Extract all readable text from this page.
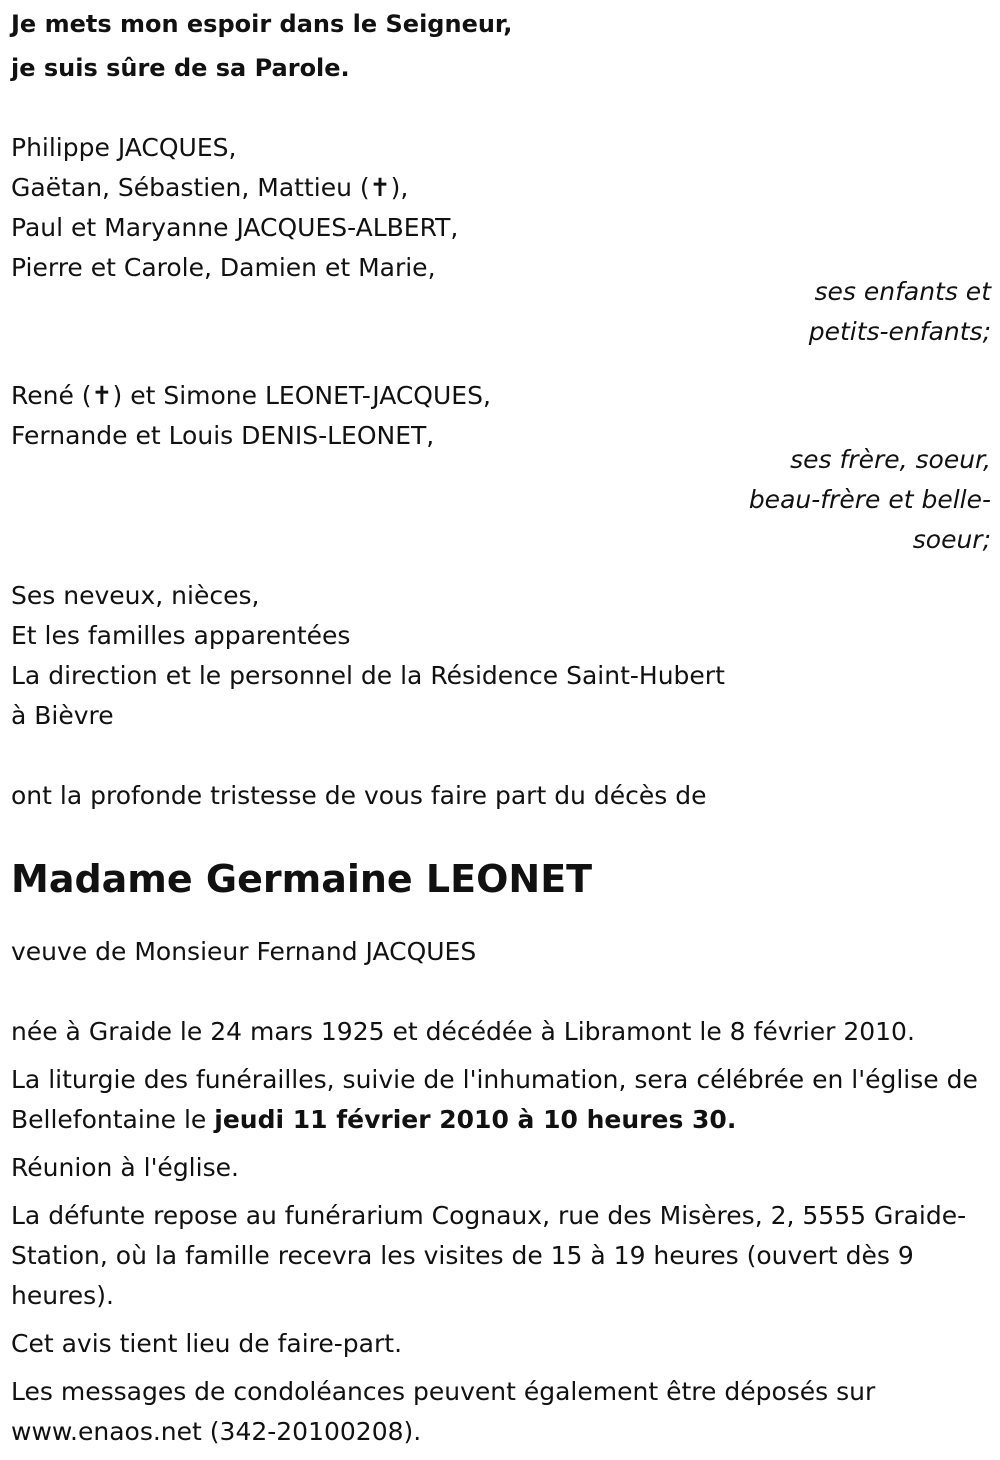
Je mets mon espoir dans le Seigneur,
je suis sûre de sa Parole.
Philippe JACQUES,
Gaëtan, Sébastien, Mattieu (✝),
Paul et Maryanne JACQUES-ALBERT,
Pierre et Carole, Damien et Marie,
ses enfants et
petits-enfants;
René (✝) et Simone LEONET-JACQUES,
Fernande et Louis DENIS-LEONET,
ses frère, soeur,
beau-frère et belle-
soeur;
Ses neveux, nièces,
Et les familles apparentées
La direction et le personnel de la Résidence Saint-Hubert
à Bièvre
ont la profonde tristesse de vous faire part du décès de
Madame Germaine LEONET
veuve de Monsieur Fernand JACQUES

née à Graide le 24 mars 1925 et décédée à Libramont le 8 février 2010.

La liturgie des funérailles, suivie de l'inhumation, sera célébrée en l'église de Bellefontaine le jeudi 11 février 2010 à 10 heures 30.

Réunion à l'église.

La défunte repose au funérarium Cognaux, rue des Misères, 2, 5555 Graide-Station, où la famille recevra les visites de 15 à 19 heures (ouvert dès 9 heures).

Cet avis tient lieu de faire-part.

Les messages de condoléances peuvent également être déposés sur www.enaos.net (342-20100208).
